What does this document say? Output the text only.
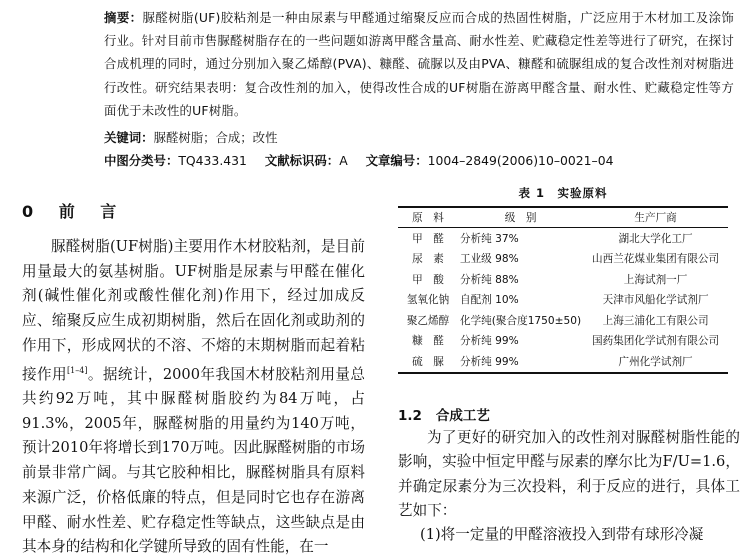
摘要：脲醛树脂(UF)胶粘剂是一种由尿素与甲醛通过缩聚反应而合成的热固性树脂，广泛应用于木材加工及涂饰行业。针对目前市售脲醛树脂存在的一些问题如游离甲醛含量高、耐水性差、贮藏稳定性差等进行了研究，在探讨合成机理的同时，通过分别加入聚乙烯醇(PVA)、糠醛、硫脲以及由PVA、糠醛和硫脲组成的复合改性剂对树脂进行改性。研究结果表明：复合改性剂的加入，使得改性合成的UF树脂在游离甲醛含量、耐水性、贮藏稳定性等方面优于未改性的UF树脂。
关键词：脲醛树脂；合成；改性
中图分类号：TQ433.431 文献标识码：A 文章编号：1004–2849(2006)10–0021–04
0 前 言
脲醛树脂(UF树脂)主要用作木材胶粘剂，是目前用量最大的氨基树脂。UF树脂是尿素与甲醛在催化剂(碱性催化剂或酸性催化剂)作用下，经过加成反应、缩聚反应生成初期树脂，然后在固化剂或助剂的作用下，形成网状的不溶、不熔的末期树脂而起着粘接作用[1–4]。据统计，2000年我国木材胶粘剂用量总共约92万吨，其中脲醛树脂胶约为84万吨，占91.3%，2005年，脲醛树脂的用量约为140万吨，预计2010年将增长到170万吨。因此脲醛树脂的市场前景非常广阔。与其它胶种相比，脲醛树脂具有原料来源广泛，价格低廉的特点，但是同时它也存在游离甲醛、耐水性差、贮存稳定性等缺点，这些缺点是由其本身的结构和化学键所导致的固有性能，在一
表 1　实验原料
原　料	级　别	生产厂商
甲　醛	分析纯 37%	湖北大学化工厂
尿　素	工业级 98%	山西兰花煤业集团有限公司
甲　酸	分析纯 88%	上海试剂一厂
氢氧化钠	自配剂 10%	天津市风船化学试剂厂
聚乙烯醇	化学纯(聚合度1750±50)	上海三浦化工有限公司
糠　醛	分析纯 99%	国药集团化学试剂有限公司
硫　脲	分析纯 99%	广州化学试剂厂
1.2 合成工艺
为了更好的研究加入的改性剂对脲醛树脂性能的影响，实验中恒定甲醛与尿素的摩尔比为F/U=1.6，并确定尿素分为三次投料，利于反应的进行，具体工艺如下：
(1)将一定量的甲醛溶液投入到带有球形冷凝
